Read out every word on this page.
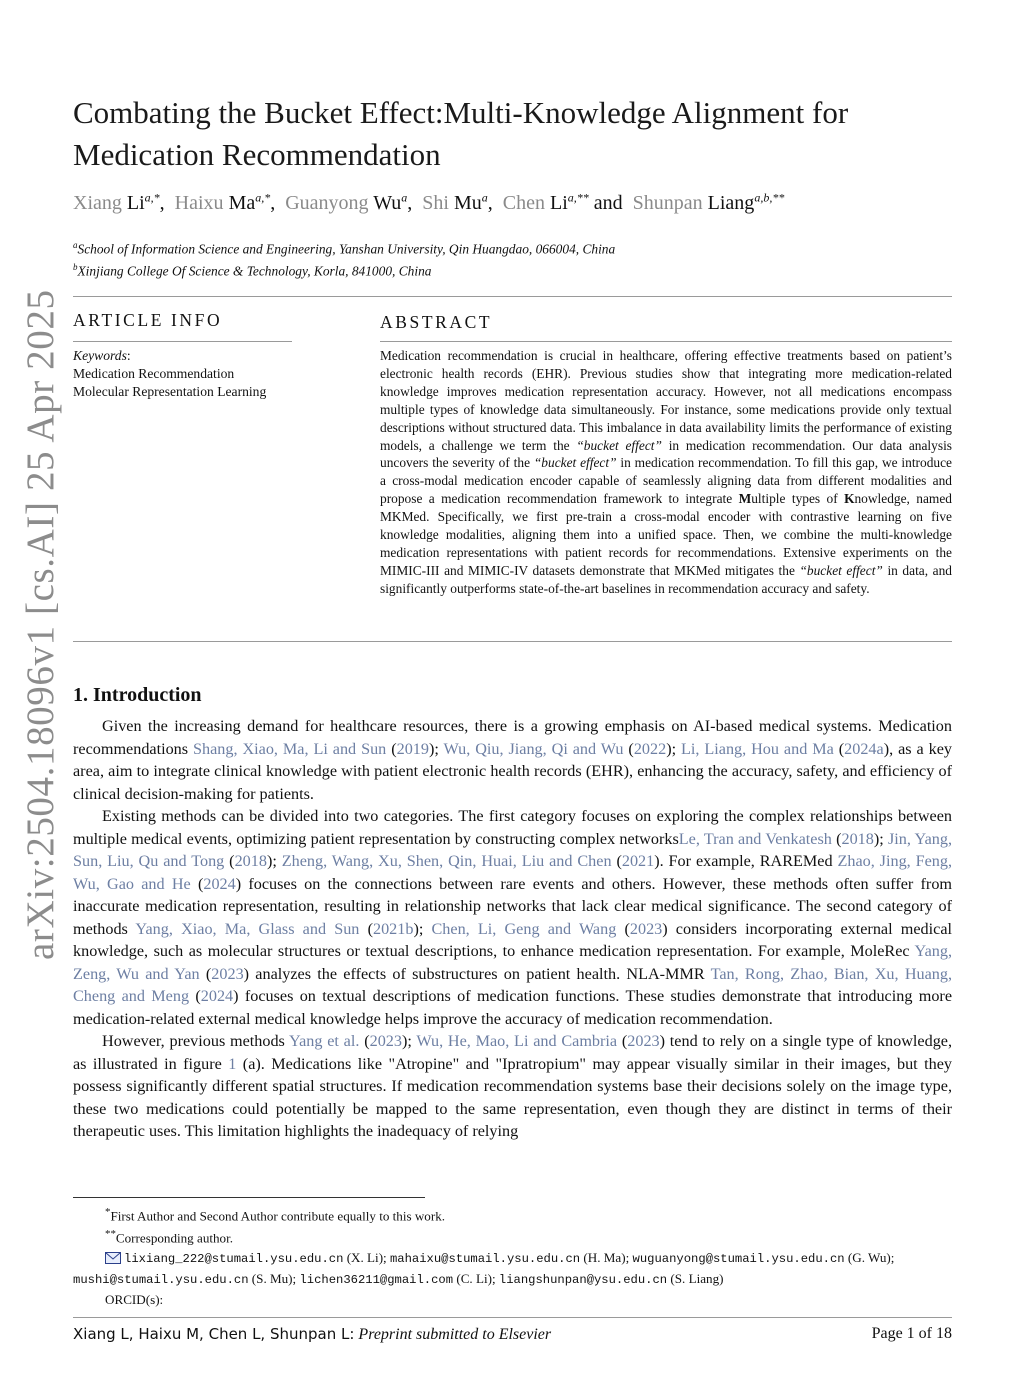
arXiv:2504.18096v1 [cs.AI] 25 Apr 2025
Combating the Bucket Effect:Multi-Knowledge Alignment for Medication Recommendation
Xiang $Li^{a,*}$, Haixu $Ma^{a,*}$, Guanyong Wu$^a$, Shi Mu$^a$, Chen $Li^{a,**}$ and Shunpan Liang$^{a,b,**}$
$^a$School of Information Science and Engineering, Yanshan University, Qin Huangdao, 066004, China
$^b$Xinjiang College Of Science & Technology, Korla, 841000, China
ARTICLE INFO
Keywords:
Medication Recommendation
Molecular Representation Learning
ABSTRACT
Medication recommendation is crucial in healthcare, offering effective treatments based on patient’s electronic health records (EHR). Previous studies show that integrating more medication-related knowledge improves medication representation accuracy. However, not all medications encompass multiple types of knowledge data simultaneously. For instance, some medications provide only textual descriptions without structured data. This imbalance in data availability limits the performance of existing models, a challenge we term the “bucket effect” in medication recommendation. Our data analysis uncovers the severity of the “bucket effect” in medication recommendation. To fill this gap, we introduce a cross-modal medication encoder capable of seamlessly aligning data from different modalities and propose a medication recommendation framework to integrate Multiple types of Knowledge, named MKMed. Specifically, we first pre-train a cross-modal encoder with contrastive learning on five knowledge modalities, aligning them into a unified space. Then, we combine the multi-knowledge medication representations with patient records for recommendations. Extensive experiments on the MIMIC-III and MIMIC-IV datasets demonstrate that MKMed mitigates the “bucket effect” in data, and significantly outperforms state-of-the-art baselines in recommendation accuracy and safety.
1. Introduction

Given the increasing demand for healthcare resources, there is a growing emphasis on AI-based medical systems. Medication recommendations Shang, Xiao, Ma, Li and Sun (2019); Wu, Qiu, Jiang, Qi and Wu (2022); Li, Liang, Hou and Ma (2024a), as a key area, aim to integrate clinical knowledge with patient electronic health records (EHR), enhancing the accuracy, safety, and efficiency of clinical decision-making for patients.

Existing methods can be divided into two categories. The first category focuses on exploring the complex relationships between multiple medical events, optimizing patient representation by constructing complex networksLe, Tran and Venkatesh (2018); Jin, Yang, Sun, Liu, Qu and Tong (2018); Zheng, Wang, Xu, Shen, Qin, Huai, Liu and Chen (2021). For example, RAREMed Zhao, Jing, Feng, Wu, Gao and He (2024) focuses on the connections between rare events and others. However, these methods often suffer from inaccurate medication representation, resulting in relationship networks that lack clear medical significance. The second category of methods Yang, Xiao, Ma, Glass and Sun (2021b); Chen, Li, Geng and Wang (2023) considers incorporating external medical knowledge, such as molecular structures or textual descriptions, to enhance medication representation. For example, MoleRec Yang, Zeng, Wu and Yan (2023) analyzes the effects of substructures on patient health. NLA-MMR Tan, Rong, Zhao, Bian, Xu, Huang, Cheng and Meng (2024) focuses on textual descriptions of medication functions. These studies demonstrate that introducing more medication-related external medical knowledge helps improve the accuracy of medication recommendation.

However, previous methods Yang et al. (2023); Wu, He, Mao, Li and Cambria (2023) tend to rely on a single type of knowledge, as illustrated in figure 1 (a). Medications like "Atropine" and "Ipratropium" may appear visually similar in their images, but they possess significantly different spatial structures. If medication recommendation systems base their decisions solely on the image type, these two medications could potentially be mapped to the same representation, even though they are distinct in terms of their therapeutic uses. This limitation highlights the inadequacy of relying

*First Author and Second Author contribute equally to this work.
**Corresponding author.
lixiang_222@stumail.ysu.edu.cn (X. Li); mahaixu@stumail.ysu.edu.cn (H. Ma); wuguanyong@stumail.ysu.edu.cn (G. Wu); mushi@stumail.ysu.edu.cn (S. Mu); lichen36211@gmail.com (C. Li); liangshunpan@ysu.edu.cn (S. Liang)
ORCID(s):
Xiang L, Haixu M, Chen L, Shunpan L: Preprint submitted to Elsevier	Page 1 of 18
